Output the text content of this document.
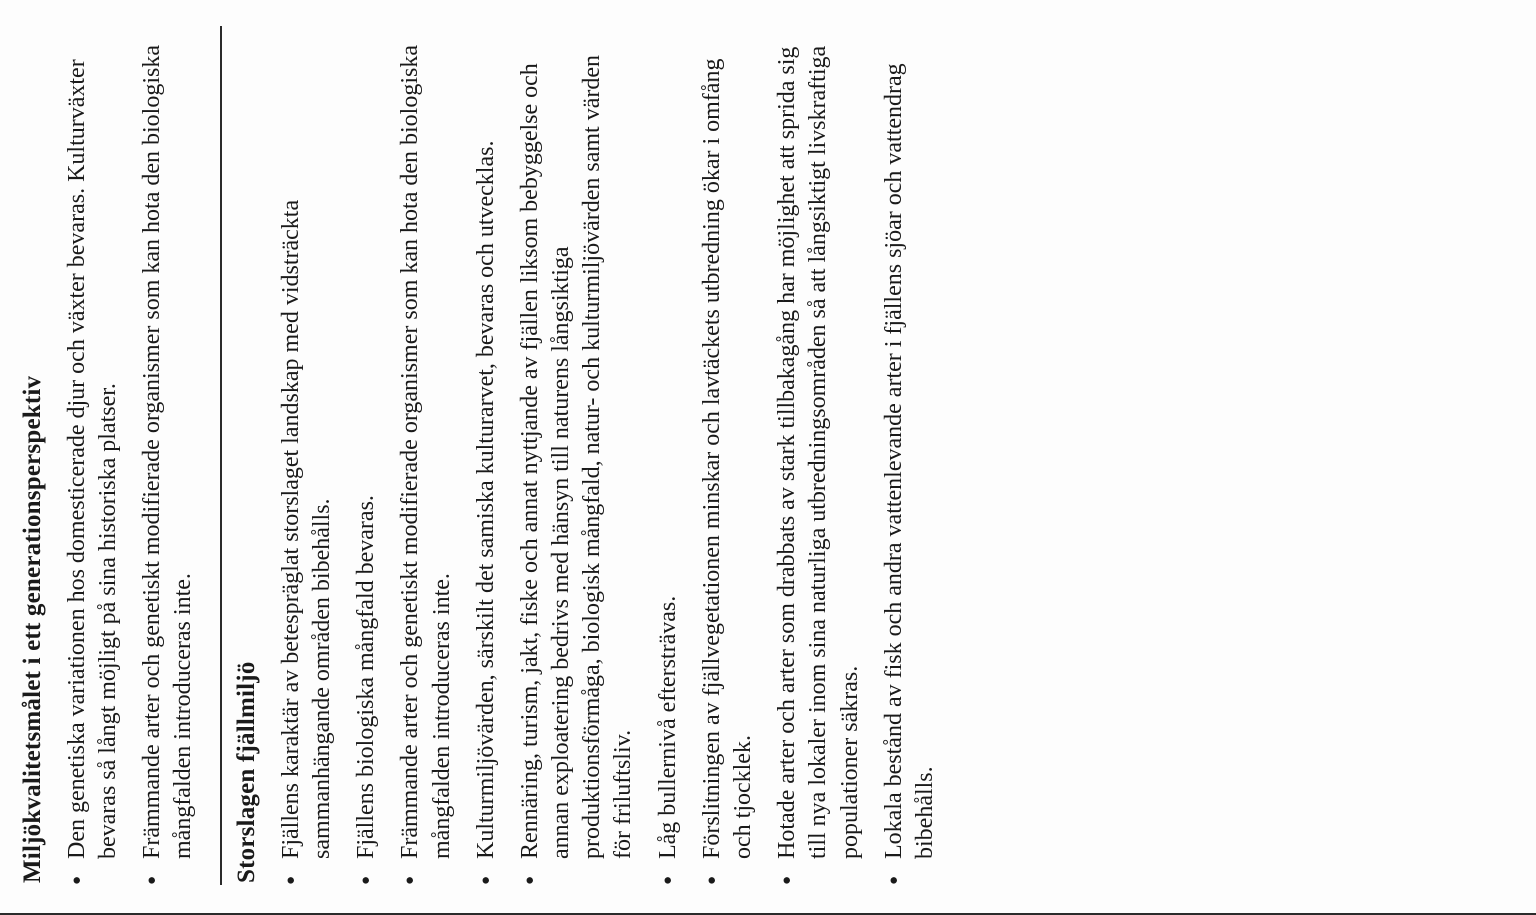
Miljökvalitetsmålet i ett generationsperspektiv
● Den genetiska variationen hos domesticerade djur och växter bevaras. Kulturväxter bevaras så långt möjligt på sina historiska platser.
● Främmande arter och genetiskt modifierade organismer som kan hota den biologiska mångfalden introduceras inte. Storslagen fjällmiljö
● Fjällens karaktär av betespräglat storslaget landskap med vidsträckta sammanhängande områden bibehålls.
● Fjällens biologiska mångfald bevaras.
● Främmande arter och genetiskt modifierade organismer som kan hota den biologiska mångfalden introduceras inte.
● Kulturmiljövärden, särskilt det samiska kulturarvet, bevaras och utvecklas.
● Rennäring, turism, jakt, fiske och annat nyttjande av fjällen liksom bebyggelse och annan exploatering bedrivs med hänsyn till naturens långsiktiga produktionsförmåga, biologisk mångfald, natur- och kulturmiljövärden samt värden för friluftsliv.
● Låg bullernivå eftersträvas.
● Förslitningen av fjällvegetationen minskar och lavtäckets utbredning ökar i omfång och tjocklek.
● Hotade arter och arter som drabbats av stark tillbakagång har möjlighet att sprida sig till nya lokaler inom sina naturliga utbredningsområden så att långsiktigt livskraftiga populationer säkras.
● Lokala bestånd av fisk och andra vattenlevande arter i fjällens sjöar och vattendrag bibehålls.
